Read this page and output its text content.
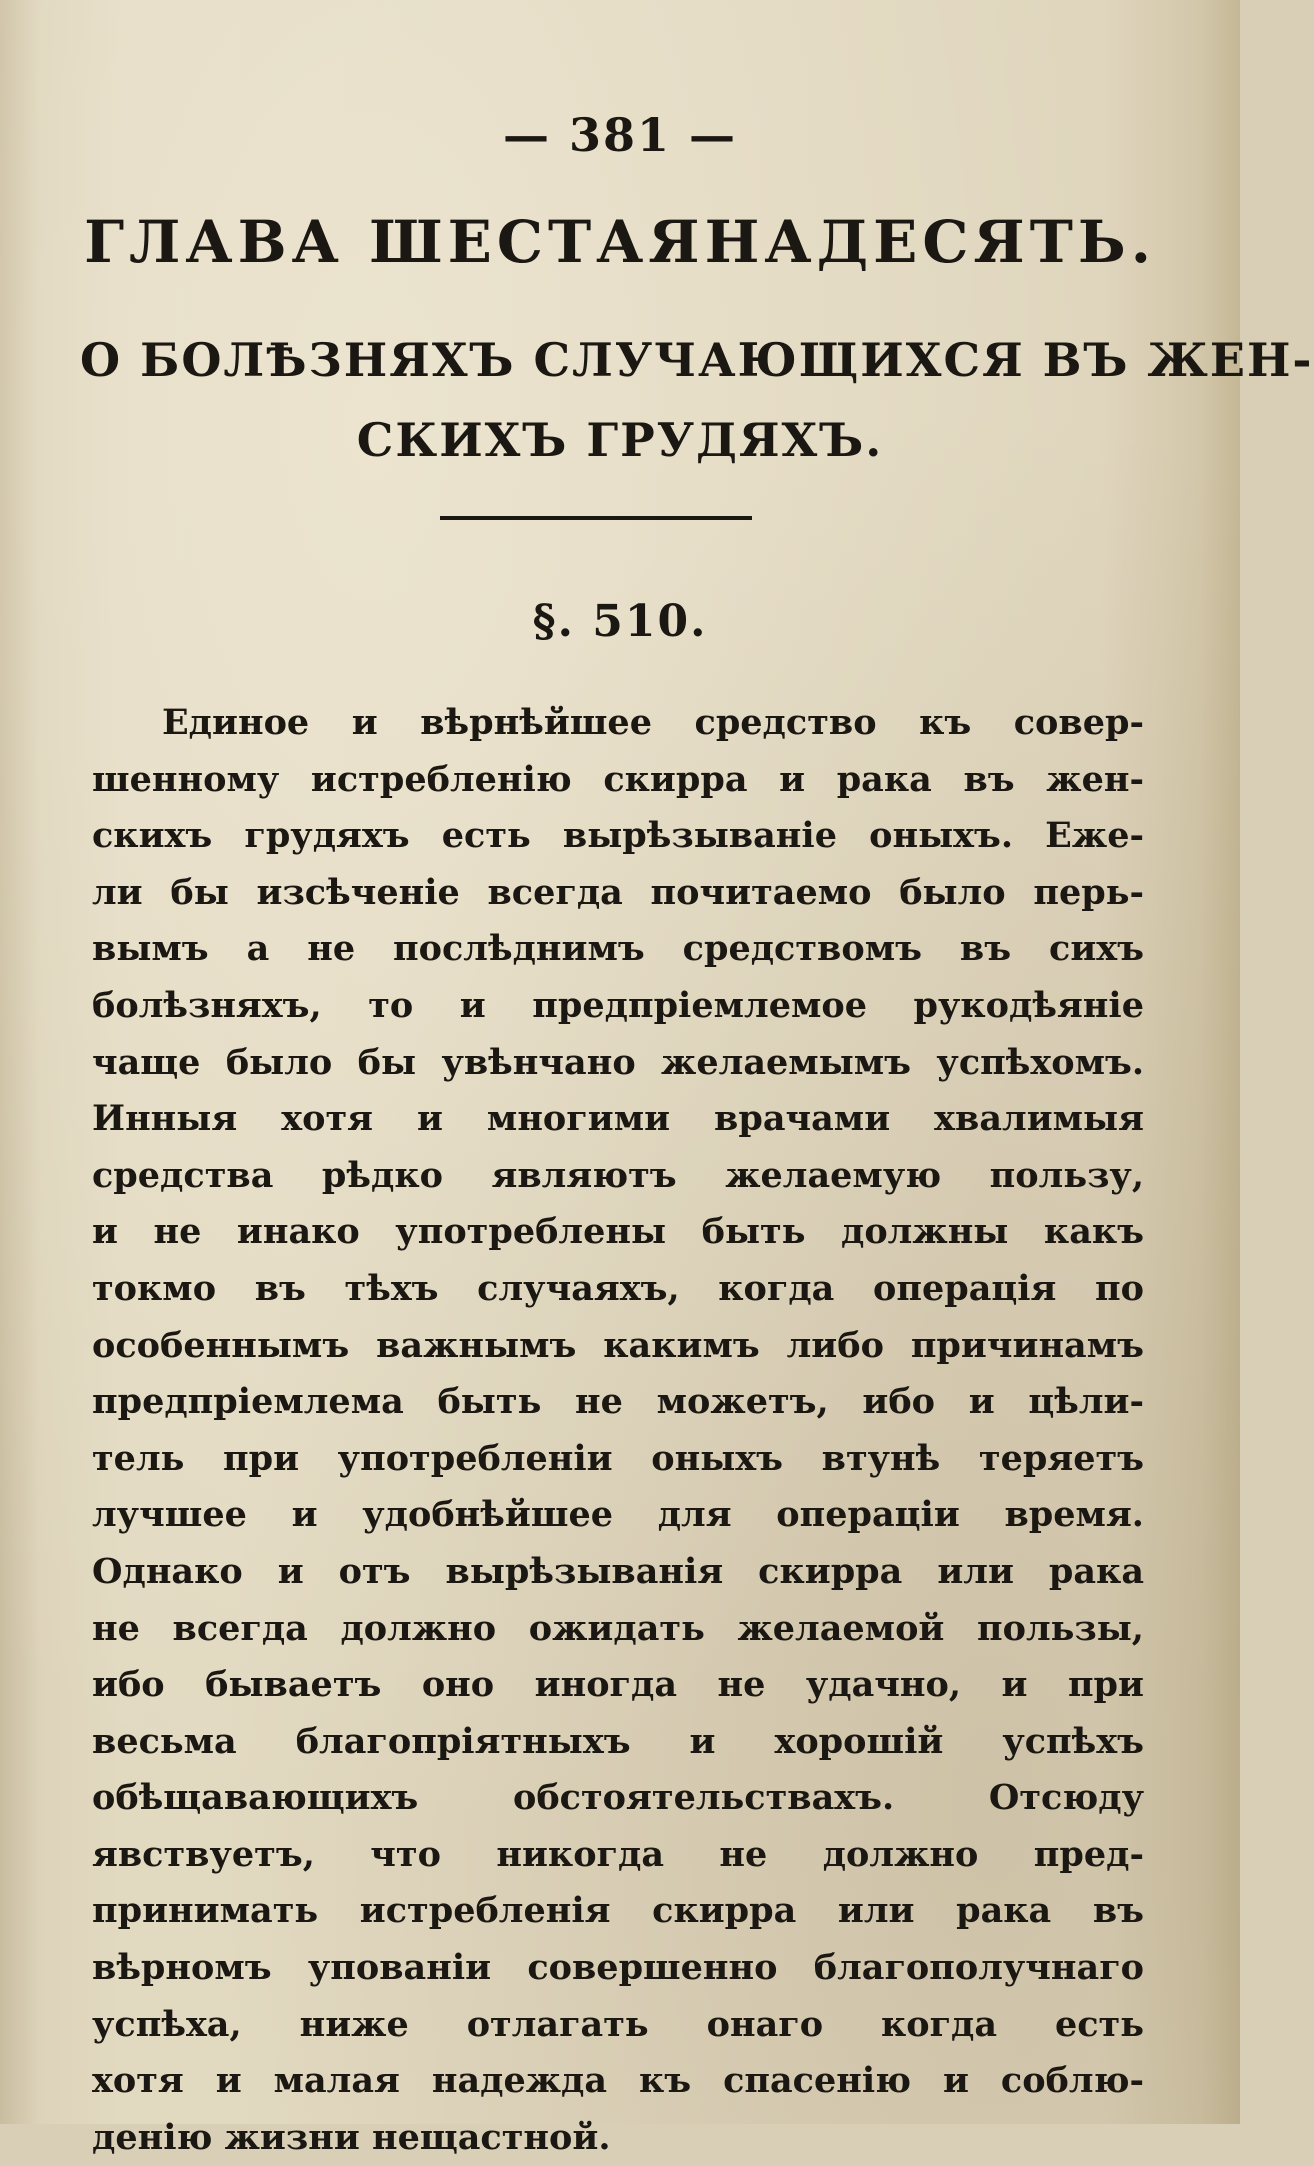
— 381 —
ГЛАВА ШЕСТАЯНАДЕСЯТЬ.
О БОЛѢЗНЯХЪ СЛУЧАЮЩИХСЯ ВЪ ЖЕН-
СКИХЪ ГРУДЯХЪ.
§. 510.
Единое и вѣрнѣйшее средство къ совер-
шенному истребленію скирра и рака въ жен-
скихъ грудяхъ есть вырѣзываніе оныхъ. Еже-
ли бы изсѣченіе всегда почитаемо было перь-
вымъ а не послѣднимъ средствомъ въ сихъ
болѣзняхъ, то и предпріемлемое рукодѣяніе
чаще было бы увѣнчано желаемымъ успѣхомъ.
Инныя хотя и многими врачами хвалимыя
средства рѣдко являютъ желаемую пользу,
и не инако употреблены быть должны какъ
токмо въ тѣхъ случаяхъ, когда операція по
особеннымъ важнымъ какимъ либо причинамъ
предпріемлема быть не можетъ, ибо и цѣли-
тель при употребленіи оныхъ втунѣ теряетъ
лучшее и удобнѣйшее для операціи время.
Однако и отъ вырѣзыванія скирра или рака
не всегда должно ожидать желаемой пользы,
ибо бываетъ оно иногда не удачно, и при
весьма благопріятныхъ и хорошій успѣхъ
обѣщавающихъ обстоятельствахъ. Отсюду
явствуетъ, что никогда не должно пред-
принимать истребленія скирра или рака въ
вѣрномъ упованіи совершенно благополучнаго
успѣха, ниже отлагать онаго когда есть
хотя и малая надежда къ спасенію и соблю-
денію жизни нещастной.
